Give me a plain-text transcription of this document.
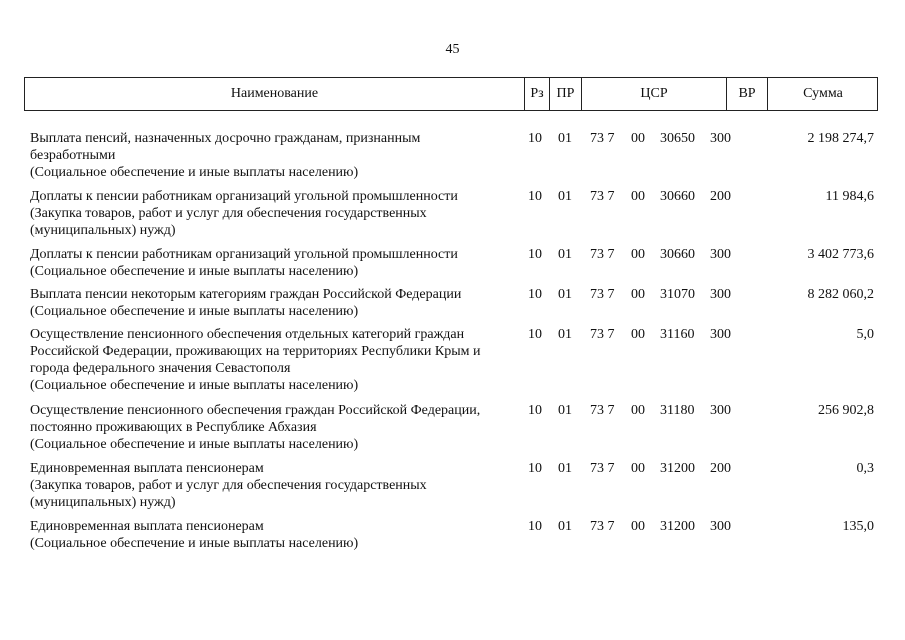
45
Наименование	Рз ПР	ЦСР	ВР	Сумма
Выплата пенсий, назначенных досрочно гражданам, признанным
безработными
(Социальное обеспечение и иные выплаты населению)
10 01 73 7 00 30650 300	2 198 274,7
Доплаты к пенсии работникам организаций угольной промышленности
(Закупка товаров, работ и услуг для обеспечения государственных
(муниципальных) нужд)
10 01 73 7 00 30660 200	11 984,6
Доплаты к пенсии работникам организаций угольной промышленности
(Социальное обеспечение и иные выплаты населению)
10 01 73 7 00 30660 300	3 402 773,6
Выплата пенсии некоторым категориям граждан Российской Федерации
(Социальное обеспечение и иные выплаты населению)
10 01 73 7 00 31070 300	8 282 060,2
Осуществление пенсионного обеспечения отдельных категорий граждан
Российской Федерации, проживающих на территориях Республики Крым и
города федерального значения Севастополя
(Социальное обеспечение и иные выплаты населению)
10 01 73 7 00 31160 300	5,0
Осуществление пенсионного обеспечения граждан Российской Федерации,
постоянно проживающих в Республике Абхазия
(Социальное обеспечение и иные выплаты населению)
10 01 73 7 00 31180 300	256 902,8
Единовременная выплата пенсионерам
(Закупка товаров, работ и услуг для обеспечения государственных
(муниципальных) нужд)
10 01 73 7 00 31200 200	0,3
Единовременная выплата пенсионерам
(Социальное обеспечение и иные выплаты населению)
10 01 73 7 00 31200 300	135,0
